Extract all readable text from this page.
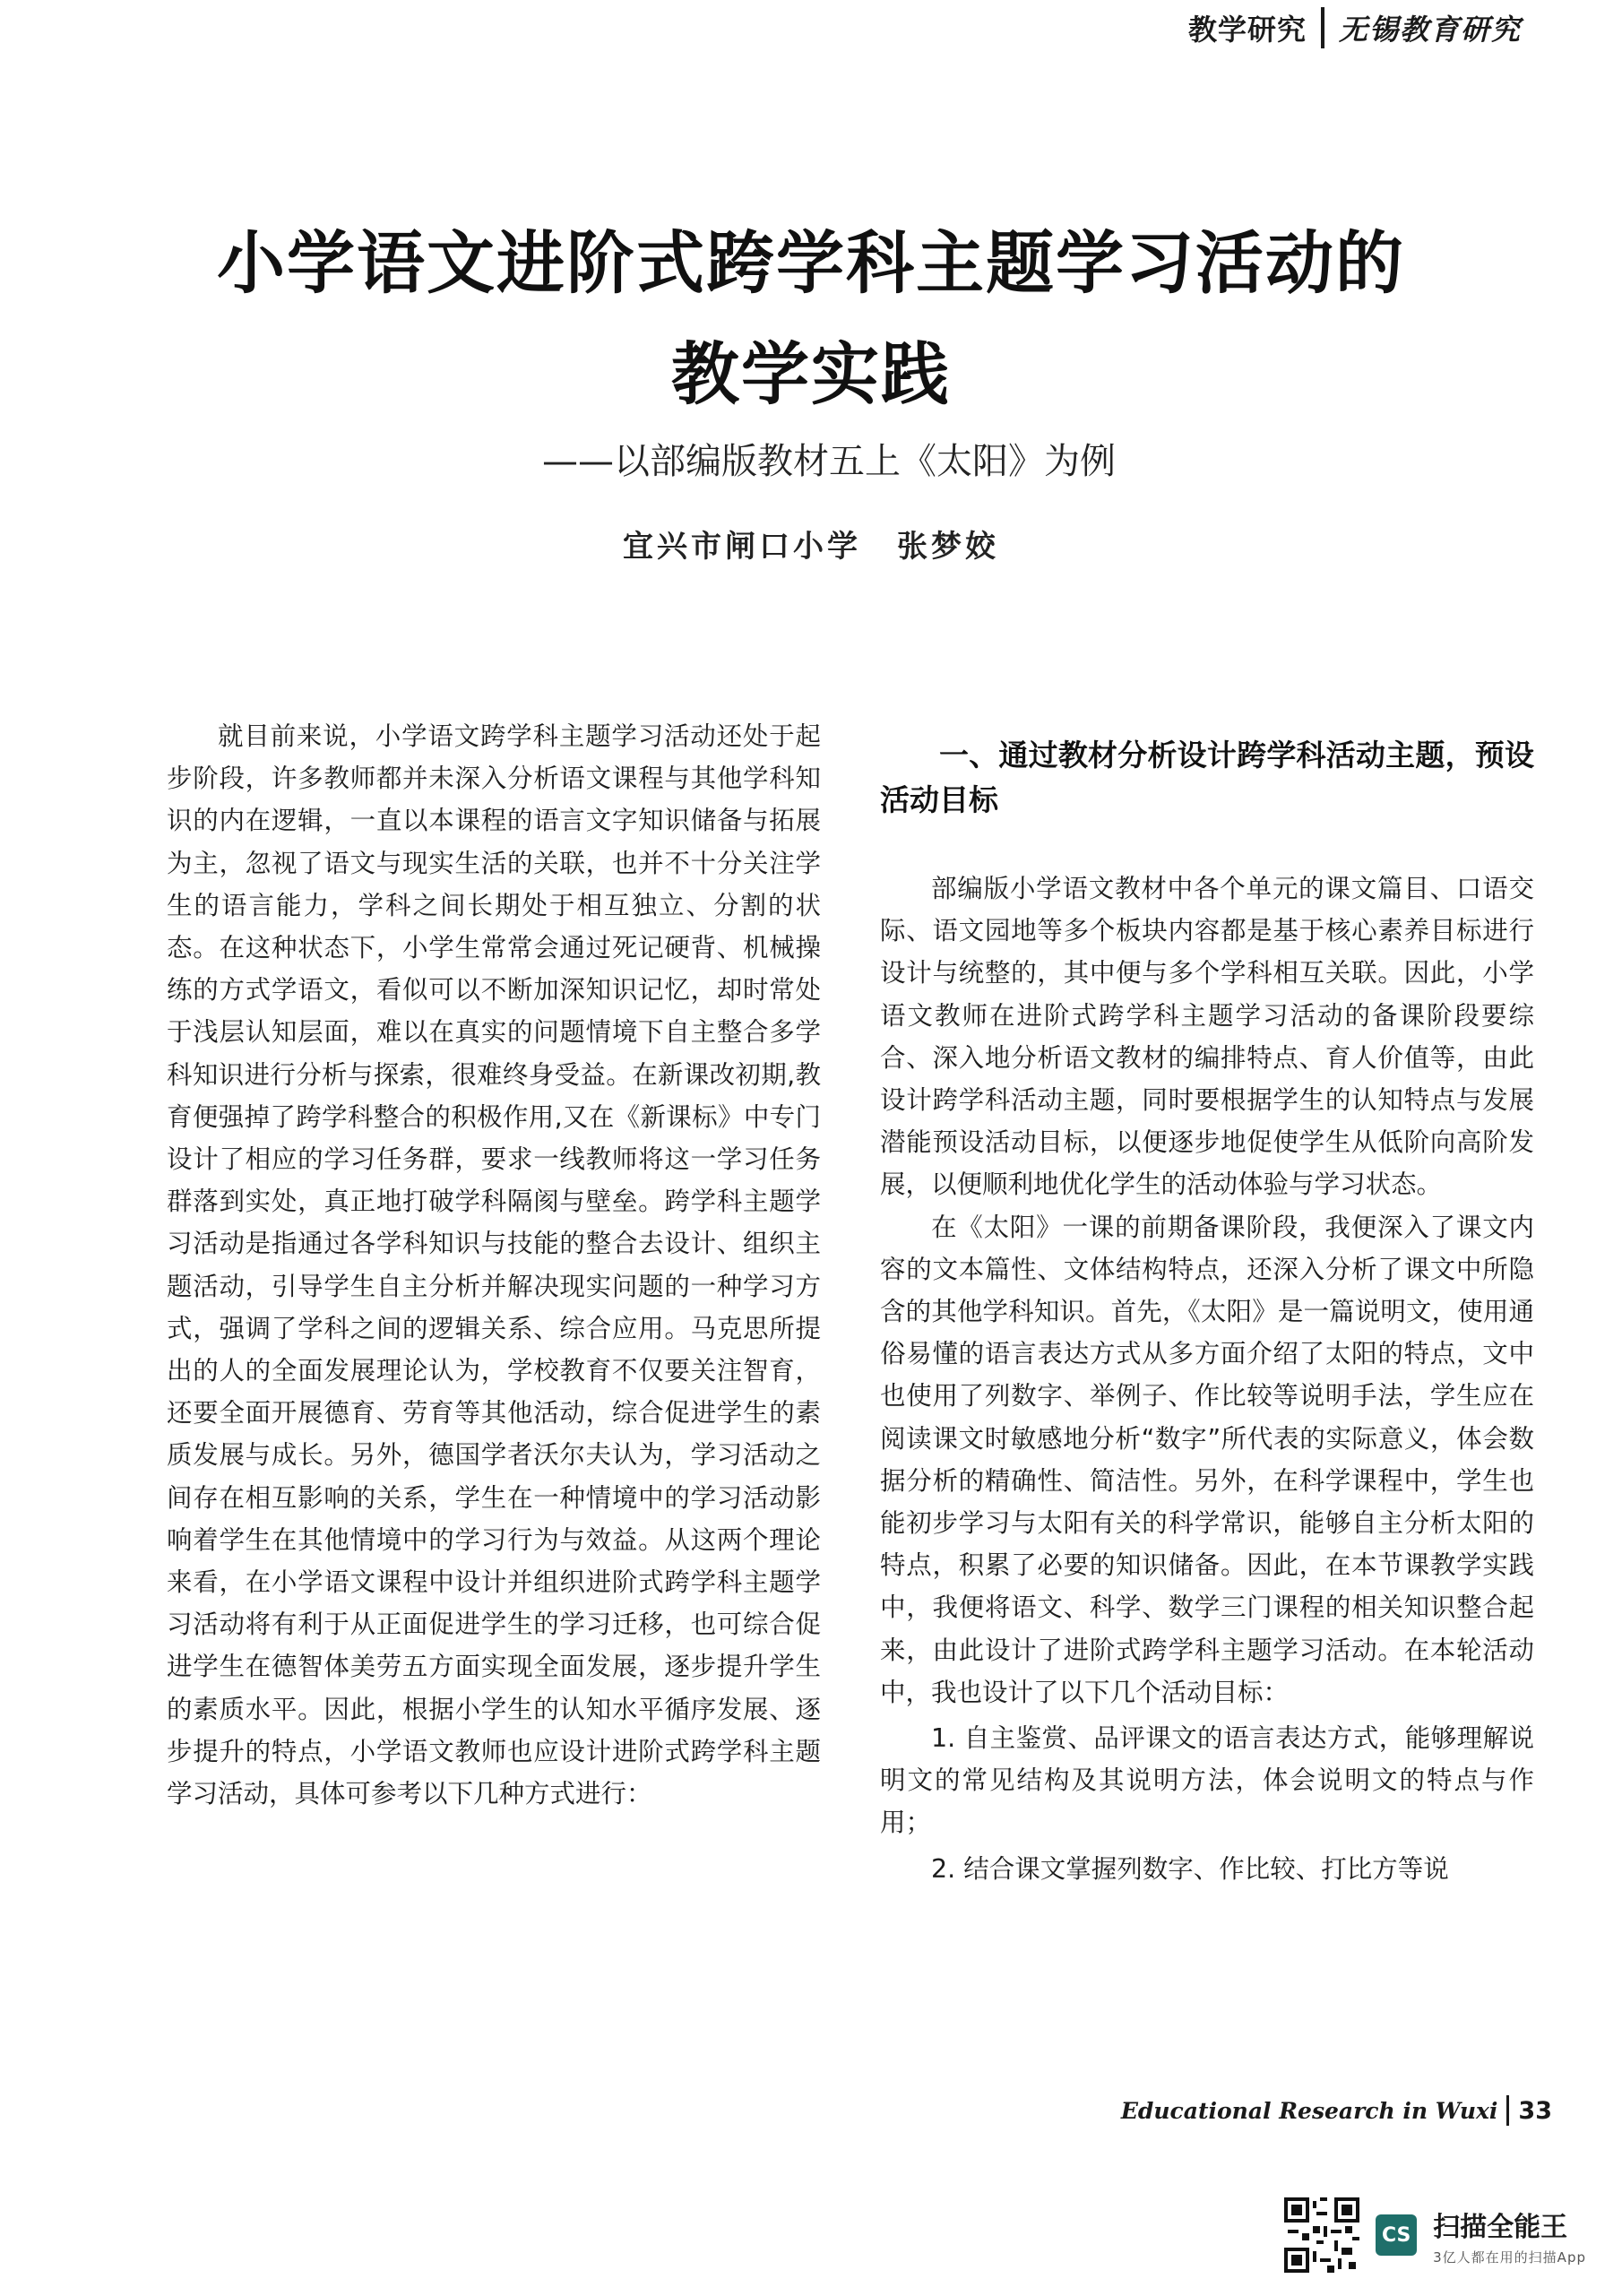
教学研究 无锡教育研究
小学语文进阶式跨学科主题学习活动的
教学实践
——以部编版教材五上《太阳》为例
宜兴市闸口小学 张梦姣

就目前来说，小学语文跨学科主题学习活动还处于起步阶段，许多教师都并未深入分析语文课程与其他学科知识的内在逻辑，一直以本课程的语言文字知识储备与拓展为主，忽视了语文与现实生活的关联，也并不十分关注学生的语言能力，学科之间长期处于相互独立、分割的状态。在这种状态下，小学生常常会通过死记硬背、机械操练的方式学语文，看似可以不断加深知识记忆，却时常处于浅层认知层面，难以在真实的问题情境下自主整合多学科知识进行分析与探索，很难终身受益。在新课改初期,教育便强掉了跨学科整合的积极作用,又在《新课标》中专门设计了相应的学习任务群，要求一线教师将这一学习任务群落到实处，真正地打破学科隔阂与壁垒。跨学科主题学习活动是指通过各学科知识与技能的整合去设计、组织主题活动，引导学生自主分析并解决现实问题的一种学习方式，强调了学科之间的逻辑关系、综合应用。马克思所提出的人的全面发展理论认为，学校教育不仅要关注智育，还要全面开展德育、劳育等其他活动，综合促进学生的素质发展与成长。另外，德国学者沃尔夫认为，学习活动之间存在相互影响的关系，学生在一种情境中的学习活动影响着学生在其他情境中的学习行为与效益。从这两个理论来看，在小学语文课程中设计并组织进阶式跨学科主题学习活动将有利于从正面促进学生的学习迁移，也可综合促进学生在德智体美劳五方面实现全面发展，逐步提升学生的素质水平。因此，根据小学生的认知水平循序发展、逐步提升的特点，小学语文教师也应设计进阶式跨学科主题学习活动，具体可参考以下几种方式进行：

一、通过教材分析设计跨学科活动主题，预设活动目标

部编版小学语文教材中各个单元的课文篇目、口语交际、语文园地等多个板块内容都是基于核心素养目标进行设计与统整的，其中便与多个学科相互关联。因此，小学语文教师在进阶式跨学科主题学习活动的备课阶段要综合、深入地分析语文教材的编排特点、育人价值等，由此设计跨学科活动主题，同时要根据学生的认知特点与发展潜能预设活动目标，以便逐步地促使学生从低阶向高阶发展，以便顺利地优化学生的活动体验与学习状态。

在《太阳》一课的前期备课阶段，我便深入了课文内容的文本篇性、文体结构特点，还深入分析了课文中所隐含的其他学科知识。首先，《太阳》是一篇说明文，使用通俗易懂的语言表达方式从多方面介绍了太阳的特点，文中也使用了列数字、举例子、作比较等说明手法，学生应在阅读课文时敏感地分析“数字”所代表的实际意义，体会数据分析的精确性、简洁性。另外，在科学课程中，学生也能初步学习与太阳有关的科学常识，能够自主分析太阳的特点，积累了必要的知识储备。因此，在本节课教学实践中，我便将语文、科学、数学三门课程的相关知识整合起来，由此设计了进阶式跨学科主题学习活动。在本轮活动中，我也设计了以下几个活动目标：

1. 自主鉴赏、品评课文的语言表达方式，能够理解说明文的常见结构及其说明方法，体会说明文的特点与作用；

2. 结合课文掌握列数字、作比较、打比方等说

Educational Research in Wuxi 33
CS 扫描全能王
3亿人都在用的扫描App
